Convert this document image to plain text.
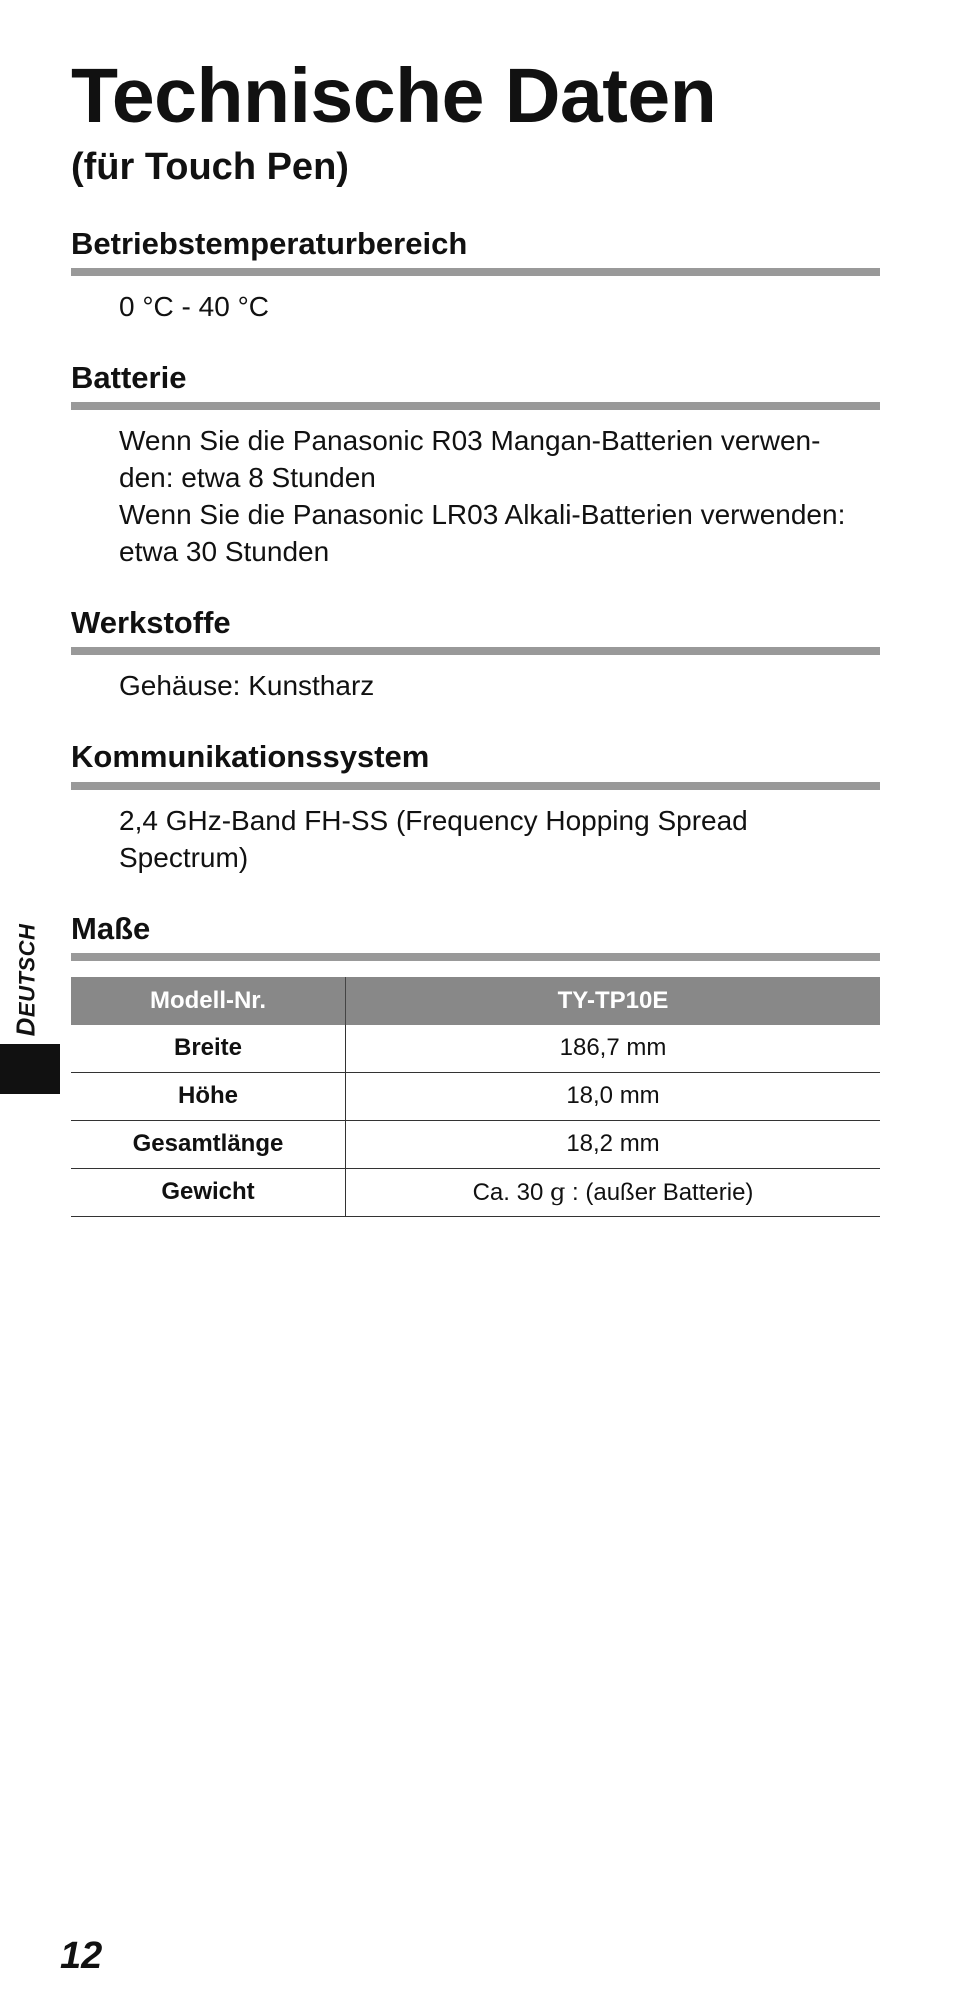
Technische Daten
(für Touch Pen)
Betriebstemperaturbereich
0 °C - 40 °C
Batterie
Wenn Sie die Panasonic R03 Mangan-Batterien verwen-
den: etwa 8 Stunden
Wenn Sie die Panasonic LR03 Alkali-Batterien verwenden:
etwa 30 Stunden
Werkstoffe
Gehäuse: Kunstharz
Kommunikationssystem
2,4 GHz-Band FH-SS (Frequency Hopping Spread
Spectrum)
Maße
Modell-Nr.	TY-TP10E
Breite	186,7 mm
Höhe	18,0 mm
Gesamtlänge	18,2 mm
Gewicht	Ca. 30 g : (außer Batterie)
DEUTSCH
12
